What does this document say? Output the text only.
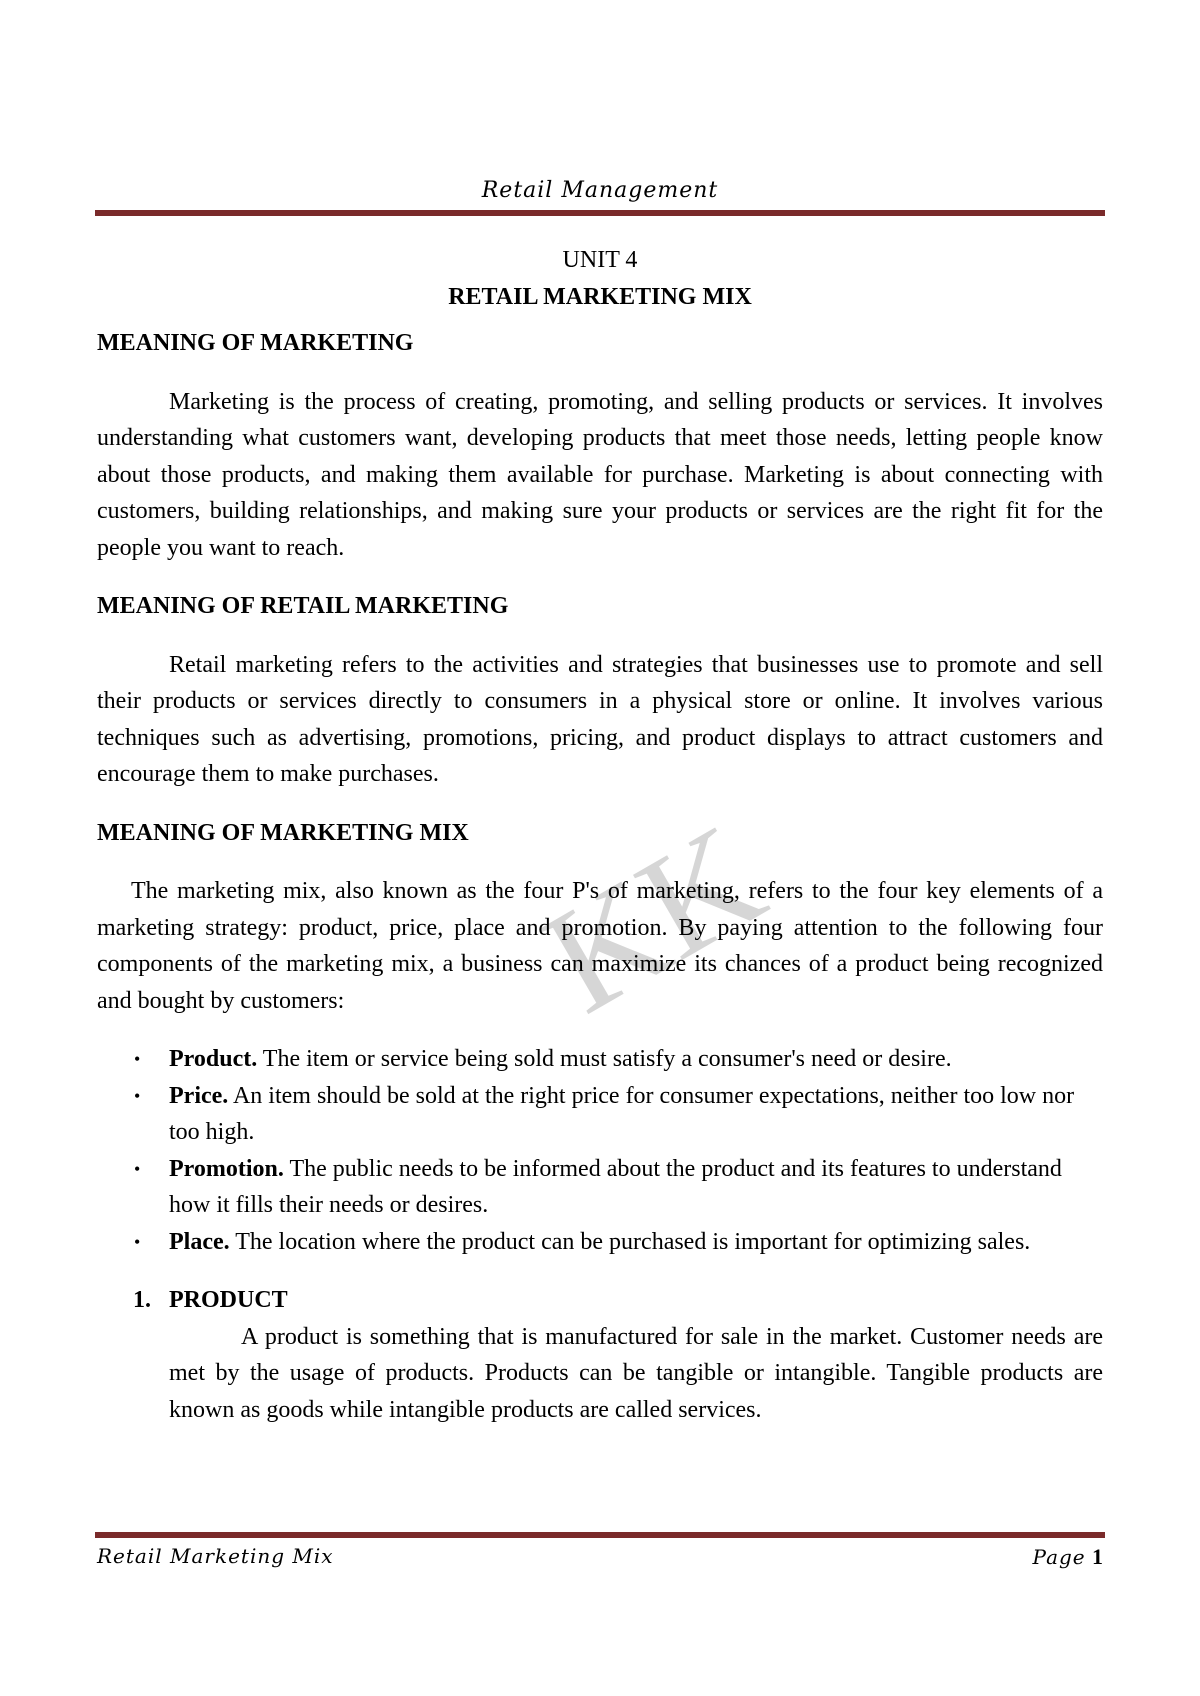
Retail Management
KK

UNIT 4

RETAIL MARKETING MIX

MEANING OF MARKETING

Marketing is the process of creating, promoting, and selling products or services. It involves understanding what customers want, developing products that meet those needs, letting people know about those products, and making them available for purchase. Marketing is about connecting with customers, building relationships, and making sure your products or services are the right fit for the people you want to reach.

MEANING OF RETAIL MARKETING

Retail marketing refers to the activities and strategies that businesses use to promote and sell their products or services directly to consumers in a physical store or online. It involves various techniques such as advertising, promotions, pricing, and product displays to attract customers and encourage them to make purchases.

MEANING OF MARKETING MIX

The marketing mix, also known as the four P's of marketing, refers to the four key elements of a marketing strategy: product, price, place and promotion. By paying attention to the following four components of the marketing mix, a business can maximize its chances of a product being recognized and bought by customers:

• Product. The item or service being sold must satisfy a consumer's need or desire.
• Price. An item should be sold at the right price for consumer expectations, neither too low nor too high.
• Promotion. The public needs to be informed about the product and its features to understand how it fills their needs or desires.
• Place. The location where the product can be purchased is important for optimizing sales.
1. PRODUCT

A product is something that is manufactured for sale in the market. Customer needs are met by the usage of products. Products can be tangible or intangible. Tangible products are known as goods while intangible products are called services.

Retail Marketing Mix	Page 1
